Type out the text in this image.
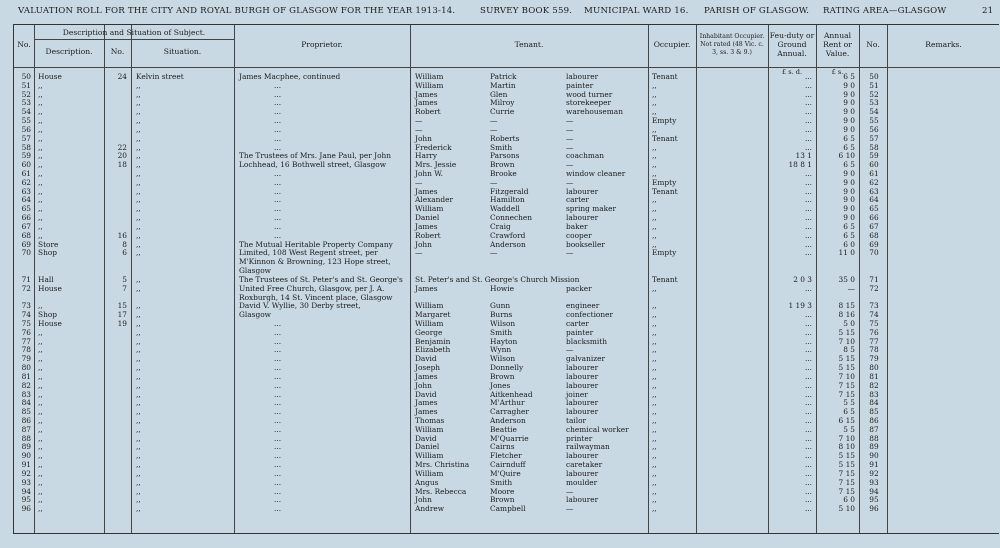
VALUATION ROLL FOR THE CITY AND ROYAL BURGH OF GLASGOW FOR THE YEAR 1913-14.	SURVEY BOOK 559. MUNICIPAL WARD 16. PARISH OF GLASGOW. RATING AREA—GLASGOW	21
No.
Description and Situation of Subject.
Description.	No.	Situation.
Proprietor.	Tenant.	Occupier.
Inhabitant Occupier. Not rated (48 Vic. c. 3, ss. 3 & 9.)
Feu-duty or Ground Annual.
Annual Rent or Value.
No.	Remarks.
£ s. d.	£ s.
50 House	24 Kelvin street	James Macphee, continued	William	Patrick	labourer	Tenant	...	6 5	50
51 ,,	,,	...	William	Martin	painter	,,	...	9 0	51
52 ,,	,,	...	James	Glen	wood turner	,,	...	9 0	52
53 ,,	,,	...	James	Milroy	storekeeper	,,	...	9 0	53
54 ,,	,,	...	Robert	Currie	warehouseman	,,	...	9 0	54
55 ,,	,,	...	—	—	—	Empty	...	9 0	55
56 ,,	,,	...	—	—	—	,,	...	9 0	56
57 ,,	,,	...	John	Roberts	—	Tenant	...	6 5	57
58 ,,	22 ,,	...	Frederick	Smith	—	,,	...	6 5	58
59 ,,	20 ,,	The Trustees of Mrs. Jane Paul, per John	Harry	Parsons	coachman	,,	13 1	6 10	59
60 ,,	18 ,,	Lochhead, 16 Bothwell street, Glasgow	Mrs. Jessie	Brown	—	,,	18 8 1	6 5	60
61 ,,	,,	...	John W.	Brooke	window cleaner	,,	...	9 0	61
62 ,,	,,	...	—	—	—	Empty	...	9 0	62
63 ,,	,,	...	James	Fitzgerald	labourer	Tenant	...	9 0	63
64 ,,	,,	...	Alexander	Hamilton	carter	,,	...	9 0	64
65 ,,	,,	...	William	Waddell	spring maker	,,	...	9 0	65
66 ,,	,,	...	Daniel	Connechen	labourer	,,	...	9 0	66
67 ,,	,,	...	James	Craig	baker	,,	...	6 5	67
68 ,,	16 ,,	...	Robert	Crawford	cooper	,,	...	6 5	68
69 Store	8 ,,	The Mutual Heritable Property Company	John	Anderson	bookseller	,,	...	6 0	69
70 Shop	6 ,,	Limited, 108 West Regent street, per	—	—	—	Empty	...	11 0	70
M'Kinnon & Browning, 123 Hope street,
Glasgow
71 Hall	5 ,,	The Trustees of St. Peter's and St. George's	St. Peter's and St. George's Church Mission	Tenant	2 0 3	35 0	71
72 House	7 ,,	United Free Church, Glasgow, per J. A.	James	Howie	packer	,,	...	—	72
Roxburgh, 14 St. Vincent place, Glasgow
73 ,,	15 ,,	David V. Wyllie, 30 Derby street,	William	Gunn	engineer	,,	1 19 3	8 15	73
74 Shop	17 ,,	Glasgow	Margaret	Burns	confectioner	,,	...	8 16	74
75 House	19 ,,	...	William	Wilson	carter	,,	...	5 0	75
76 ,,	,,	...	George	Smith	painter	,,	...	5 15	76
77 ,,	,,	...	Benjamin	Hayton	blacksmith	,,	...	7 10	77
78 ,,	,,	...	Elizabeth	Wynn	—	,,	...	8 5	78
79 ,,	,,	...	David	Wilson	galvanizer	,,	...	5 15	79
80 ,,	,,	...	Joseph	Donnelly	labourer	,,	...	5 15	80
81 ,,	,,	...	James	Brown	labourer	,,	...	7 10	81
82 ,,	,,	...	John	Jones	labourer	,,	...	7 15	82
83 ,,	,,	...	David	Aitkenhead	joiner	,,	...	7 15	83
84 ,,	,,	...	James	M'Arthur	labourer	,,	...	5 5	84
85 ,,	,,	...	James	Carragher	labourer	,,	...	6 5	85
86 ,,	,,	...	Thomas	Anderson	tailor	,,	...	6 15	86
87 ,,	,,	...	William	Beattie	chemical worker	,,	...	5 5	87
88 ,,	,,	...	David	M'Quarrie	printer	,,	...	7 10	88
89 ,,	,,	...	Daniel	Cairns	railwayman	,,	...	8 10	89
90 ,,	,,	...	William	Fletcher	labourer	,,	...	5 15	90
91 ,,	,,	...	Mrs. Christina	Cairnduff	caretaker	,,	...	5 15	91
92 ,,	,,	...	William	M'Quire	labourer	,,	...	7 15	92
93 ,,	,,	...	Angus	Smith	moulder	,,	...	7 15	93
94 ,,	,,	...	Mrs. Rebecca	Moore	—	,,	...	7 15	94
95 ,,	,,	...	John	Brown	labourer	,,	...	6 0	95
96 ,,	,,	...	Andrew	Campbell	—	,,	...	5 10	96
